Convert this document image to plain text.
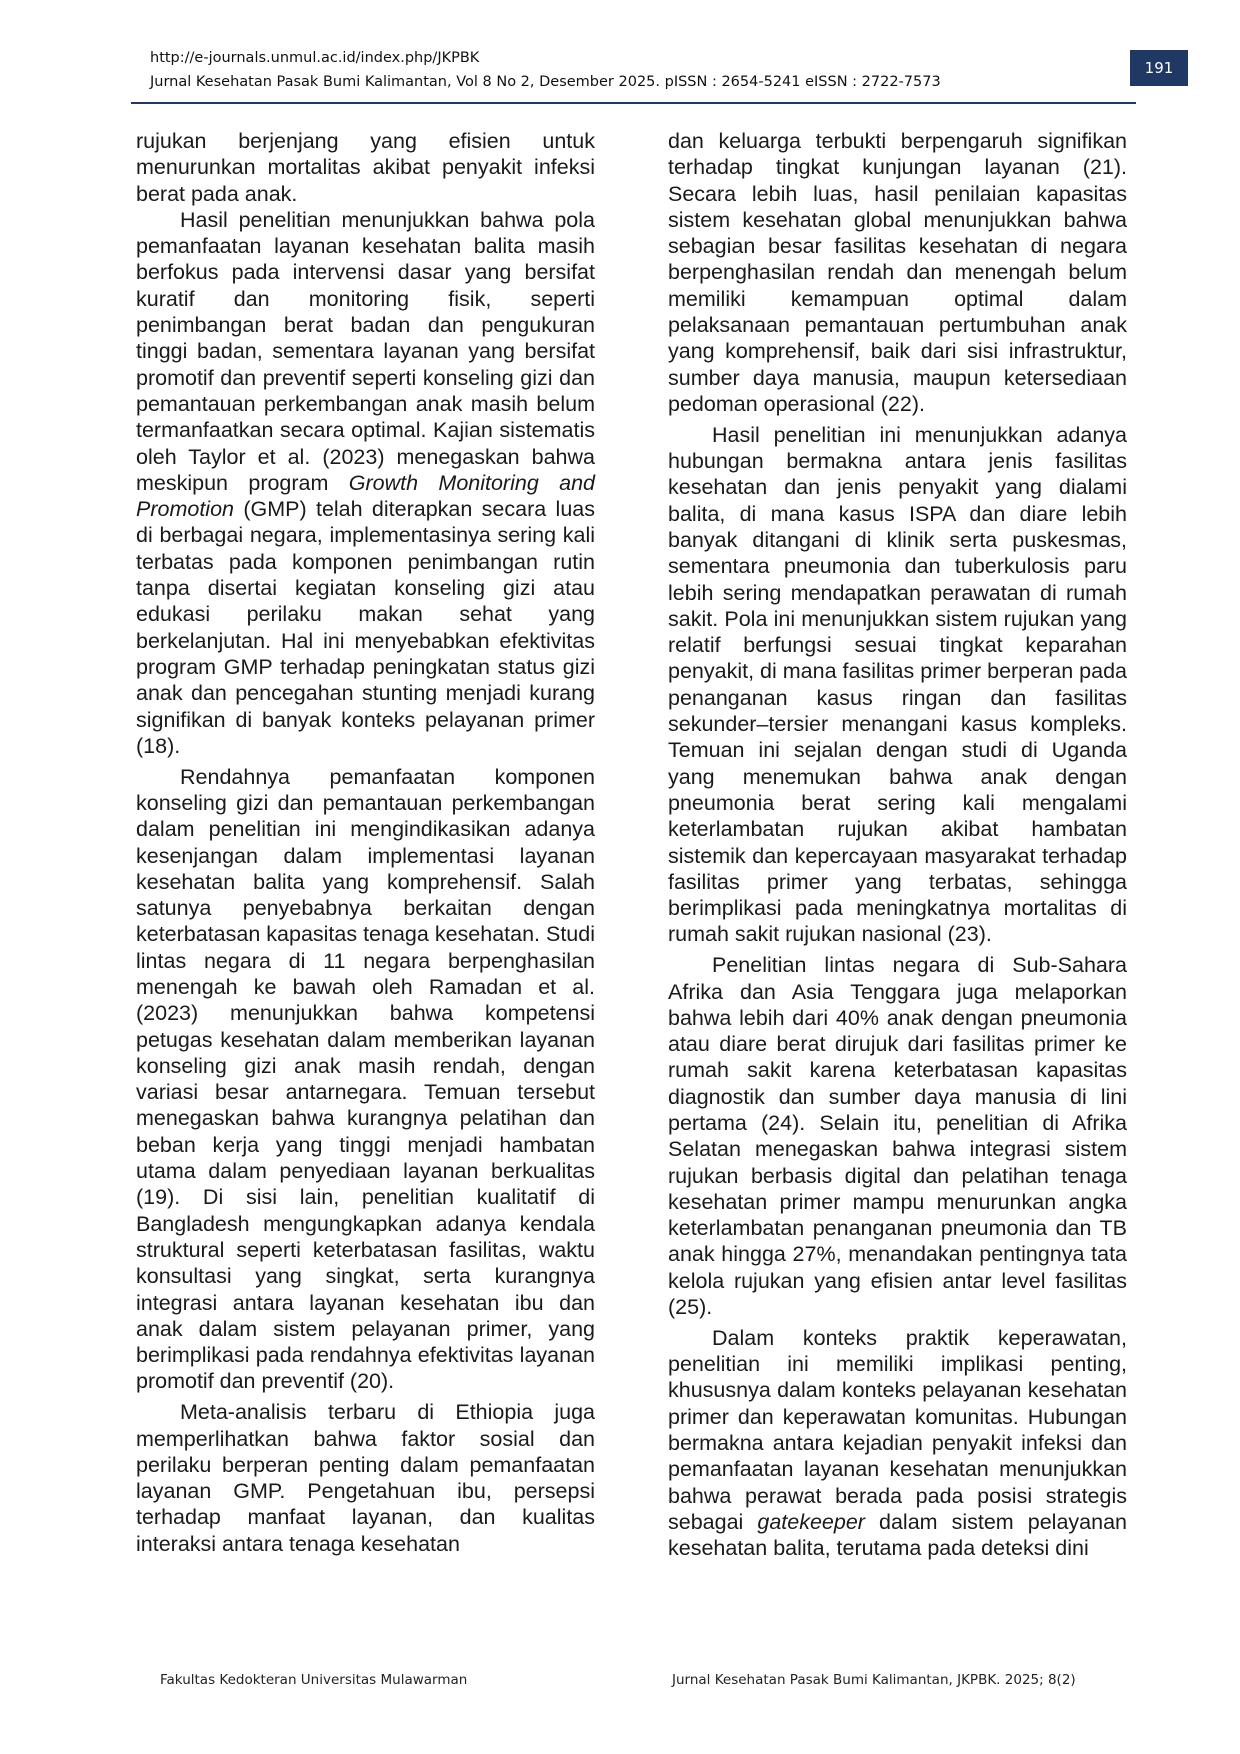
http://e-journals.unmul.ac.id/index.php/JKPBK
Jurnal Kesehatan Pasak Bumi Kalimantan, Vol 8 No 2, Desember 2025. pISSN : 2654-5241 eISSN : 2722-7573
191

rujukan berjenjang yang efisien untuk menurunkan mortalitas akibat penyakit infeksi berat pada anak.

Hasil penelitian menunjukkan bahwa pola pemanfaatan layanan kesehatan balita masih berfokus pada intervensi dasar yang bersifat kuratif dan monitoring fisik, seperti penimbangan berat badan dan pengukuran tinggi badan, sementara layanan yang bersifat promotif dan preventif seperti konseling gizi dan pemantauan perkembangan anak masih belum termanfaatkan secara optimal. Kajian sistematis oleh Taylor et al. (2023) menegaskan bahwa meskipun program Growth Monitoring and Promotion (GMP) telah diterapkan secara luas di berbagai negara, implementasinya sering kali terbatas pada komponen penimbangan rutin tanpa disertai kegiatan konseling gizi atau edukasi perilaku makan sehat yang berkelanjutan. Hal ini menyebabkan efektivitas program GMP terhadap peningkatan status gizi anak dan pencegahan stunting menjadi kurang signifikan di banyak konteks pelayanan primer (18).

Rendahnya pemanfaatan komponen konseling gizi dan pemantauan perkembangan dalam penelitian ini mengindikasikan adanya kesenjangan dalam implementasi layanan kesehatan balita yang komprehensif. Salah satunya penyebabnya berkaitan dengan keterbatasan kapasitas tenaga kesehatan. Studi lintas negara di 11 negara berpenghasilan menengah ke bawah oleh Ramadan et al. (2023) menunjukkan bahwa kompetensi petugas kesehatan dalam memberikan layanan konseling gizi anak masih rendah, dengan variasi besar antarnegara. Temuan tersebut menegaskan bahwa kurangnya pelatihan dan beban kerja yang tinggi menjadi hambatan utama dalam penyediaan layanan berkualitas (19). Di sisi lain, penelitian kualitatif di Bangladesh mengungkapkan adanya kendala struktural seperti keterbatasan fasilitas, waktu konsultasi yang singkat, serta kurangnya integrasi antara layanan kesehatan ibu dan anak dalam sistem pelayanan primer, yang berimplikasi pada rendahnya efektivitas layanan promotif dan preventif (20).

Meta-analisis terbaru di Ethiopia juga memperlihatkan bahwa faktor sosial dan perilaku berperan penting dalam pemanfaatan layanan GMP. Pengetahuan ibu, persepsi terhadap manfaat layanan, dan kualitas interaksi antara tenaga kesehatan

dan keluarga terbukti berpengaruh signifikan terhadap tingkat kunjungan layanan (21). Secara lebih luas, hasil penilaian kapasitas sistem kesehatan global menunjukkan bahwa sebagian besar fasilitas kesehatan di negara berpenghasilan rendah dan menengah belum memiliki kemampuan optimal dalam pelaksanaan pemantauan pertumbuhan anak yang komprehensif, baik dari sisi infrastruktur, sumber daya manusia, maupun ketersediaan pedoman operasional (22).

Hasil penelitian ini menunjukkan adanya hubungan bermakna antara jenis fasilitas kesehatan dan jenis penyakit yang dialami balita, di mana kasus ISPA dan diare lebih banyak ditangani di klinik serta puskesmas, sementara pneumonia dan tuberkulosis paru lebih sering mendapatkan perawatan di rumah sakit. Pola ini menunjukkan sistem rujukan yang relatif berfungsi sesuai tingkat keparahan penyakit, di mana fasilitas primer berperan pada penanganan kasus ringan dan fasilitas sekunder–tersier menangani kasus kompleks. Temuan ini sejalan dengan studi di Uganda yang menemukan bahwa anak dengan pneumonia berat sering kali mengalami keterlambatan rujukan akibat hambatan sistemik dan kepercayaan masyarakat terhadap fasilitas primer yang terbatas, sehingga berimplikasi pada meningkatnya mortalitas di rumah sakit rujukan nasional (23).

Penelitian lintas negara di Sub-Sahara Afrika dan Asia Tenggara juga melaporkan bahwa lebih dari 40% anak dengan pneumonia atau diare berat dirujuk dari fasilitas primer ke rumah sakit karena keterbatasan kapasitas diagnostik dan sumber daya manusia di lini pertama (24). Selain itu, penelitian di Afrika Selatan menegaskan bahwa integrasi sistem rujukan berbasis digital dan pelatihan tenaga kesehatan primer mampu menurunkan angka keterlambatan penanganan pneumonia dan TB anak hingga 27%, menandakan pentingnya tata kelola rujukan yang efisien antar level fasilitas (25).

Dalam konteks praktik keperawatan, penelitian ini memiliki implikasi penting, khususnya dalam konteks pelayanan kesehatan primer dan keperawatan komunitas. Hubungan bermakna antara kejadian penyakit infeksi dan pemanfaatan layanan kesehatan menunjukkan bahwa perawat berada pada posisi strategis sebagai gatekeeper dalam sistem pelayanan kesehatan balita, terutama pada deteksi dini

Fakultas Kedokteran Universitas Mulawarman	Jurnal Kesehatan Pasak Bumi Kalimantan, JKPBK. 2025; 8(2)
